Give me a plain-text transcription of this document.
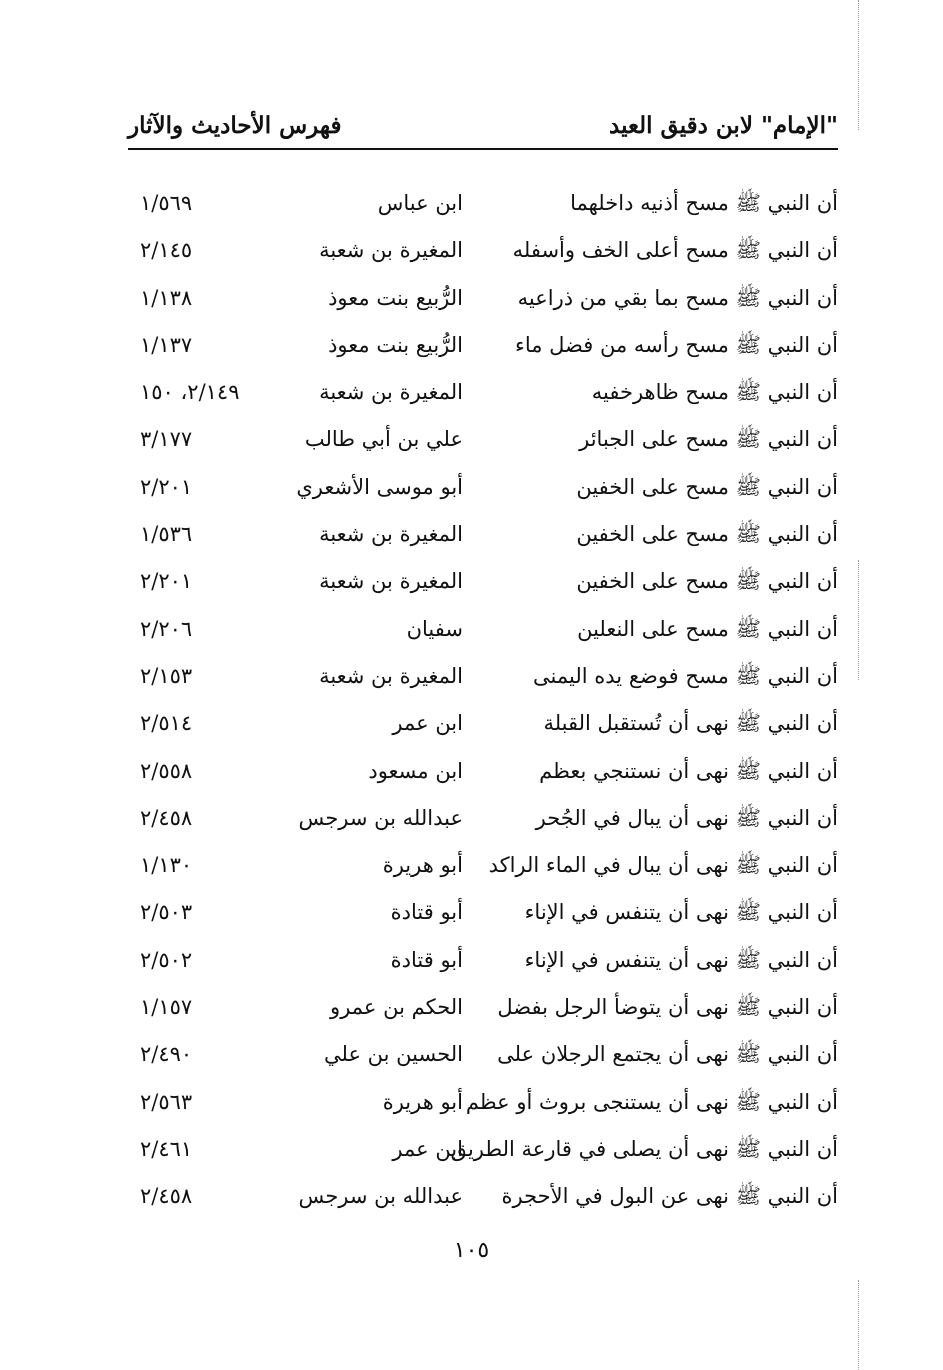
"الإمام" لابن دقيق العيد
فهرس الأحاديث والآثار
أن النبي ﷺ مسح أذنيه داخلهما
ابن عباس
١/٥٦٩
أن النبي ﷺ مسح أعلى الخف وأسفله
المغيرة بن شعبة
٢/١٤٥
أن النبي ﷺ مسح بما بقي من ذراعيه
الرُّبيع بنت معوذ
١/١٣٨
أن النبي ﷺ مسح رأسه من فضل ماء
الرُّبيع بنت معوذ
١/١٣٧
أن النبي ﷺ مسح ظاهرخفيه
المغيرة بن شعبة
٢/١٤٩، ١٥٠
أن النبي ﷺ مسح على الجبائر
علي بن أبي طالب
٣/١٧٧
أن النبي ﷺ مسح على الخفين
أبو موسى الأشعري
٢/٢٠١
أن النبي ﷺ مسح على الخفين
المغيرة بن شعبة
١/٥٣٦
أن النبي ﷺ مسح على الخفين
المغيرة بن شعبة
٢/٢٠١
أن النبي ﷺ مسح على النعلين
سفيان
٢/٢٠٦
أن النبي ﷺ مسح فوضع يده اليمنى
المغيرة بن شعبة
٢/١٥٣
أن النبي ﷺ نهى أن تُستقبل القبلة
ابن عمر
٢/٥١٤
أن النبي ﷺ نهى أن نستنجي بعظم
ابن مسعود
٢/٥٥٨
أن النبي ﷺ نهى أن يبال في الجُحر
عبدالله بن سرجس
٢/٤٥٨
أن النبي ﷺ نهى أن يبال في الماء الراكد
أبو هريرة
١/١٣٠
أن النبي ﷺ نهى أن يتنفس في الإناء
أبو قتادة
٢/٥٠٣
أن النبي ﷺ نهى أن يتنفس في الإناء
أبو قتادة
٢/٥٠٢
أن النبي ﷺ نهى أن يتوضأ الرجل بفضل
الحكم بن عمرو
١/١٥٧
أن النبي ﷺ نهى أن يجتمع الرجلان على
الحسين بن علي
٢/٤٩٠
أن النبي ﷺ نهى أن يستنجى بروث أو عظم
أبو هريرة
٢/٥٦٣
أن النبي ﷺ نهى أن يصلى في قارعة الطريق
ابن عمر
٢/٤٦١
أن النبي ﷺ نهى عن البول في الأحجرة
عبدالله بن سرجس
٢/٤٥٨
١٠٥
